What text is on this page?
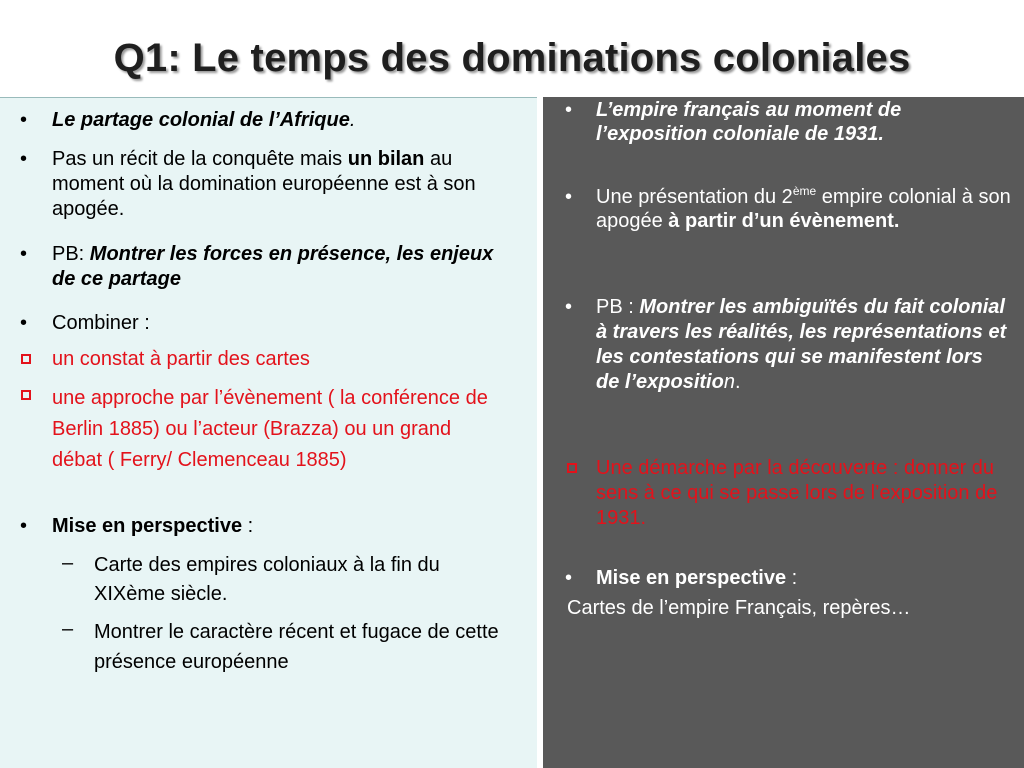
Q1: Le temps des dominations coloniales
• Le partage colonial de l’Afrique.
• Pas un récit de la conquête mais un bilan au moment où la domination européenne est à son apogée.
• PB: Montrer les forces en présence, les enjeux de ce partage
• Combiner :
un constat à partir des cartes
une approche par l’évènement ( la conférence de Berlin 1885) ou l’acteur (Brazza) ou un grand débat ( Ferry/ Clemenceau 1885)
• Mise en perspective :
– Carte des empires coloniaux à la fin du XIXème siècle.
– Montrer le caractère récent et fugace de cette présence européenne
• L’empire français au moment de l’exposition coloniale de 1931.
• Une présentation du 2ème empire colonial à son apogée à partir d’un évènement.
• PB : Montrer les ambiguïtés du fait colonial à travers les réalités, les représentations et les contestations qui se manifestent lors de l’exposition.
Une démarche par la découverte : donner du sens à ce qui se passe lors de l’exposition de 1931.
• Mise en perspective :
Cartes de l’empire Français, repères…
